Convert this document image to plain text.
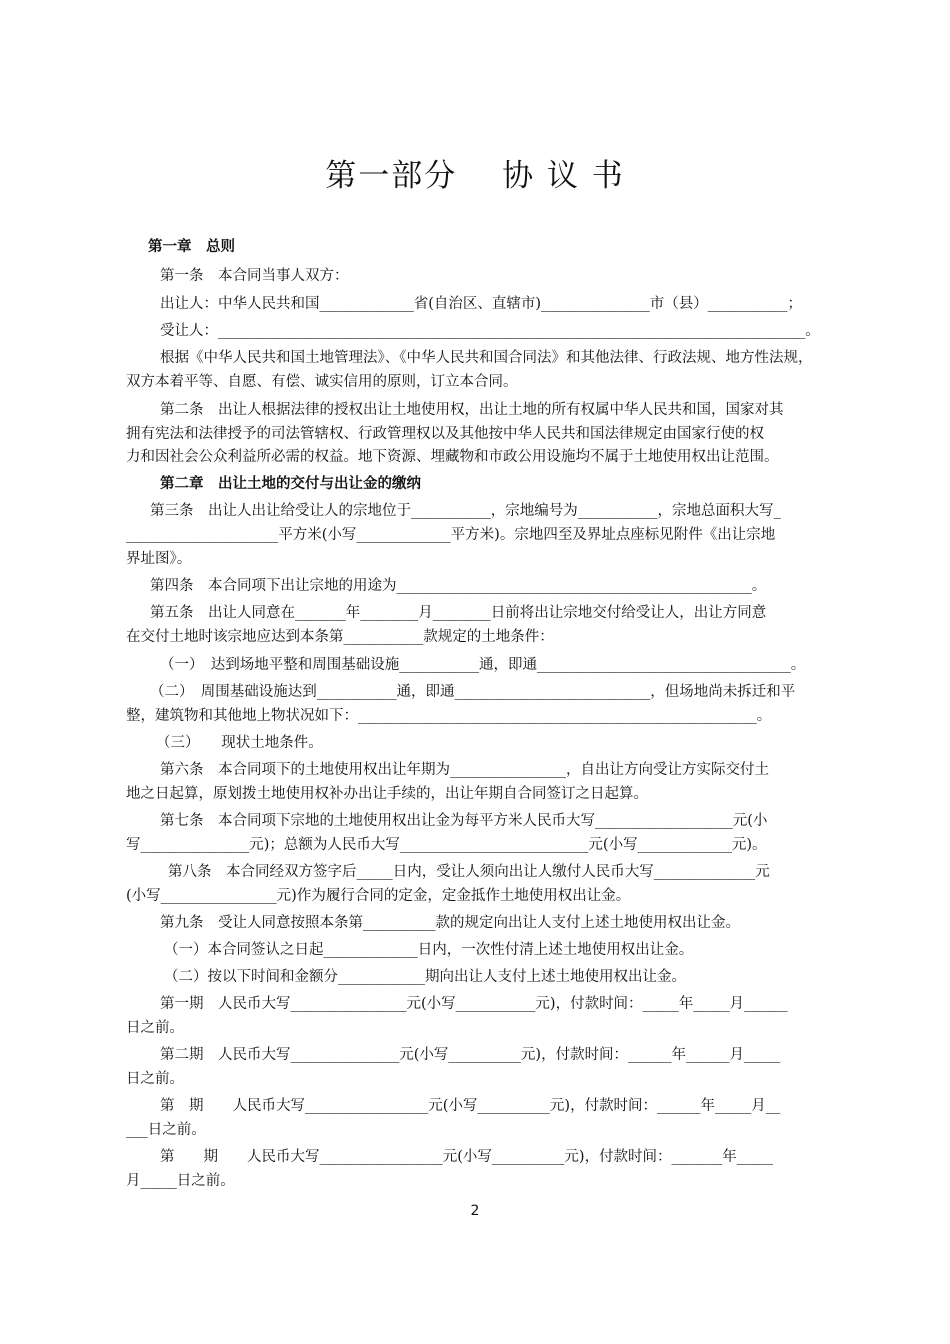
第一部分　 协 议 书
第一章　总则
第一条　本合同当事人双方：
出让人：中华人民共和国_____________省(自治区、直辖市)_______________市（县）___________；
受让人：_________________________________________________________________________________。
根据《中华人民共和国土地管理法》、《中华人民共和国合同法》和其他法律、行政法规、地方性法规，
双方本着平等、自愿、有偿、诚实信用的原则，订立本合同。
第二条　出让人根据法律的授权出让土地使用权，出让土地的所有权属中华人民共和国，国家对其
拥有宪法和法律授予的司法管辖权、行政管理权以及其他按中华人民共和国法律规定由国家行使的权
力和因社会公众利益所必需的权益。地下资源、埋藏物和市政公用设施均不属于土地使用权出让范围。
第二章　出让土地的交付与出让金的缴纳
第三条　出让人出让给受让人的宗地位于___________，宗地编号为___________，宗地总面积大写_
_____________________平方米(小写_____________平方米)。宗地四至及界址点座标见附件《出让宗地
界址图》。
第四条　本合同项下出让宗地的用途为_________________________________________________。
第五条　出让人同意在_______年________月________日前将出让宗地交付给受让人，出让方同意
在交付土地时该宗地应达到本条第___________款规定的土地条件：
（一）　达到场地平整和周围基础设施___________通，即通___________________________________。
（二）　周围基础设施达到___________通，即通___________________________，但场地尚未拆迁和平
整，建筑物和其他地上物状况如下：_______________________________________________________。
（三）　　现状土地条件。
第六条　本合同项下的土地使用权出让年期为________________，自出让方向受让方实际交付土
地之日起算，原划拨土地使用权补办出让手续的，出让年期自合同签订之日起算。
第七条　本合同项下宗地的土地使用权出让金为每平方米人民币大写___________________元(小
写_______________元)；总额为人民币大写__________________________元(小写_____________元)。
第八条　本合同经双方签字后_____日内，受让人须向出让人缴付人民币大写______________元
(小写________________元)作为履行合同的定金，定金抵作土地使用权出让金。
第九条　受让人同意按照本条第__________款的规定向出让人支付上述土地使用权出让金。
（一）本合同签认之日起_____________日内，一次性付清上述土地使用权出让金。
（二）按以下时间和金额分____________期向出让人支付上述土地使用权出让金。
第一期　人民币大写________________元(小写___________元)，付款时间：_____年_____月______
日之前。
第二期　人民币大写_______________元(小写__________元)，付款时间：______年______月_____
日之前。
第　期　　人民币大写_________________元(小写__________元)，付款时间：______年_____月__
___日之前。
第　　期　　人民币大写_________________元(小写__________元)，付款时间：_______年_____
月_____日之前。
2
